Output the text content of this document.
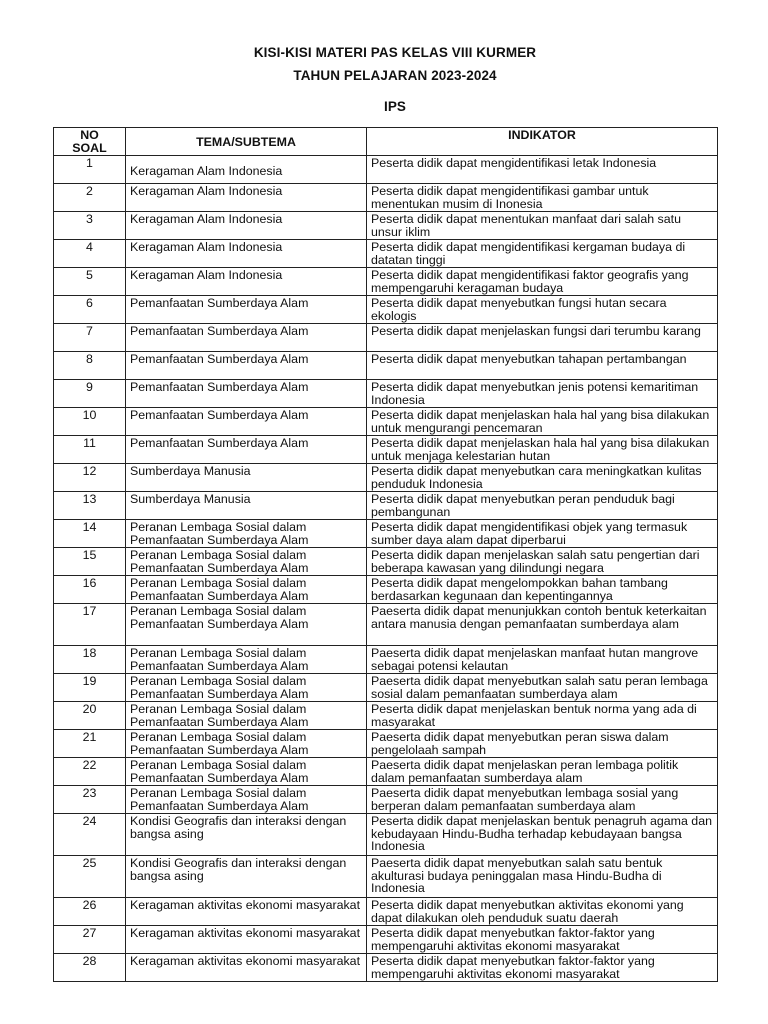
KISI-KISI MATERI PAS KELAS VIII KURMER
TAHUN PELAJARAN 2023-2024
IPS
NO
SOAL	TEMA/SUBTEMA	INDIKATOR
1	Keragaman Alam Indonesia	Peserta didik dapat mengidentifikasi letak Indonesia
2	Keragaman Alam Indonesia	Peserta didik dapat mengidentifikasi gambar untuk menentukan musim di Inonesia
3	Keragaman Alam Indonesia	Peserta didik dapat menentukan manfaat dari salah satu unsur iklim
4	Keragaman Alam Indonesia	Peserta didik dapat mengidentifikasi kergaman budaya di datatan tinggi
5	Keragaman Alam Indonesia	Peserta didik dapat mengidentifikasi faktor geografis yang mempengaruhi keragaman budaya
6	Pemanfaatan Sumberdaya Alam	Peserta didik dapat menyebutkan fungsi hutan secara ekologis
7	Pemanfaatan Sumberdaya Alam	Peserta didik dapat menjelaskan fungsi dari terumbu karang
8	Pemanfaatan Sumberdaya Alam	Peserta didik dapat menyebutkan tahapan pertambangan
9	Pemanfaatan Sumberdaya Alam	Peserta didik dapat menyebutkan jenis potensi kemaritiman Indonesia
10	Pemanfaatan Sumberdaya Alam	Peserta didik dapat menjelaskan hala hal yang bisa dilakukan untuk mengurangi pencemaran
11	Pemanfaatan Sumberdaya Alam	Peserta didik dapat menjelaskan hala hal yang bisa dilakukan untuk menjaga kelestarian hutan
12	Sumberdaya Manusia	Peserta didik dapat menyebutkan cara meningkatkan kulitas penduduk Indonesia
13	Sumberdaya Manusia	Peserta didik dapat menyebutkan peran penduduk bagi pembangunan
14	Peranan Lembaga Sosial dalam Pemanfaatan Sumberdaya Alam	Peserta didik dapat mengidentifikasi objek yang termasuk sumber daya alam dapat diperbarui
15	Peranan Lembaga Sosial dalam Pemanfaatan Sumberdaya Alam	Peserta didik dapan menjelaskan salah satu pengertian dari beberapa kawasan yang dilindungi negara
16	Peranan Lembaga Sosial dalam Pemanfaatan Sumberdaya Alam	Peserta didik dapat mengelompokkan bahan tambang berdasarkan kegunaan dan kepentingannya
17	Peranan Lembaga Sosial dalam Pemanfaatan Sumberdaya Alam	Paeserta didik dapat menunjukkan contoh bentuk keterkaitan antara manusia dengan pemanfaatan sumberdaya alam
18	Peranan Lembaga Sosial dalam Pemanfaatan Sumberdaya Alam	Paeserta didik dapat menjelaskan manfaat hutan mangrove sebagai potensi kelautan
19	Peranan Lembaga Sosial dalam Pemanfaatan Sumberdaya Alam	Paeserta didik dapat menyebutkan salah satu peran lembaga sosial dalam pemanfaatan sumberdaya alam
20	Peranan Lembaga Sosial dalam Pemanfaatan Sumberdaya Alam	Peserta didik dapat menjelaskan bentuk norma yang ada di masyarakat
21	Peranan Lembaga Sosial dalam Pemanfaatan Sumberdaya Alam	Paeserta didik dapat menyebutkan peran siswa dalam pengelolaah sampah
22	Peranan Lembaga Sosial dalam Pemanfaatan Sumberdaya Alam	Paeserta didik dapat menjelaskan peran lembaga politik dalam pemanfaatan sumberdaya alam
23	Peranan Lembaga Sosial dalam Pemanfaatan Sumberdaya Alam	Paeserta didik dapat menyebutkan lembaga sosial yang berperan dalam pemanfaatan sumberdaya alam
24	Kondisi Geografis dan interaksi dengan bangsa asing	Peserta didik dapat menjelaskan bentuk penagruh agama dan kebudayaan Hindu-Budha terhadap kebudayaan bangsa Indonesia
25	Kondisi Geografis dan interaksi dengan bangsa asing	Paeserta didik dapat menyebutkan salah satu bentuk akulturasi budaya peninggalan masa Hindu-Budha di Indonesia
26	Keragaman aktivitas ekonomi masyarakat	Peserta didik dapat menyebutkan aktivitas ekonomi yang dapat dilakukan oleh penduduk suatu daerah
27	Keragaman aktivitas ekonomi masyarakat	Peserta didik dapat menyebutkan faktor-faktor yang mempengaruhi aktivitas ekonomi masyarakat
28	Keragaman aktivitas ekonomi masyarakat	Peserta didik dapat menyebutkan faktor-faktor yang mempengaruhi aktivitas ekonomi masyarakat
